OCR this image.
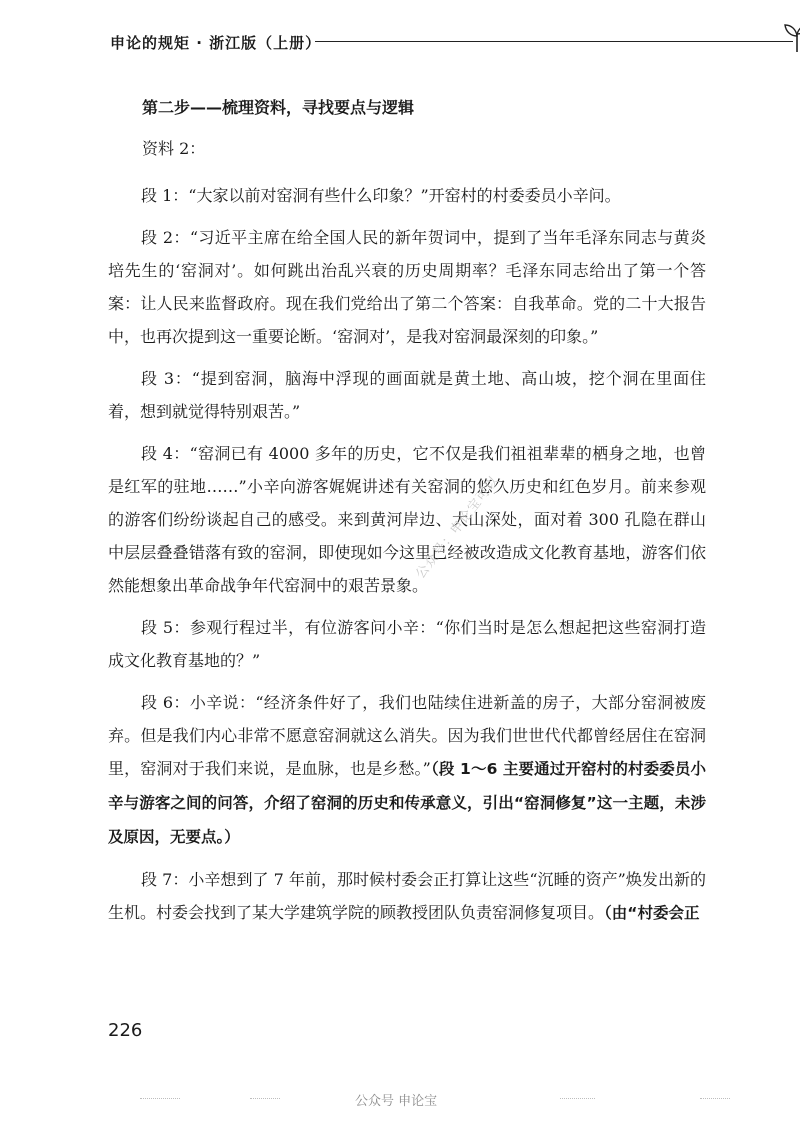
申论的规矩 · 浙江版（上册）
第二步——梳理资料，寻找要点与逻辑
资料 2：

段 1：“大家以前对窑洞有些什么印象？”开窑村的村委委员小辛问。

段 2：“习近平主席在给全国人民的新年贺词中，提到了当年毛泽东同志与黄炎培先生的‘窑洞对’。如何跳出治乱兴衰的历史周期率？毛泽东同志给出了第一个答案：让人民来监督政府。现在我们党给出了第二个答案：自我革命。党的二十大报告中，也再次提到这一重要论断。‘窑洞对’，是我对窑洞最深刻的印象。”

段 3：“提到窑洞，脑海中浮现的画面就是黄土地、高山坡，挖个洞在里面住着，想到就觉得特别艰苦。”

段 4：“窑洞已有 4000 多年的历史，它不仅是我们祖祖辈辈的栖身之地，也曾是红军的驻地……”小辛向游客娓娓讲述有关窑洞的悠久历史和红色岁月。前来参观的游客们纷纷谈起自己的感受。来到黄河岸边、大山深处，面对着 300 孔隐在群山中层层叠叠错落有致的窑洞，即使现如今这里已经被改造成文化教育基地，游客们依然能想象出革命战争年代窑洞中的艰苦景象。

段 5：参观行程过半，有位游客问小辛：“你们当时是怎么想起把这些窑洞打造成文化教育基地的？”

段 6：小辛说：“经济条件好了，我们也陆续住进新盖的房子，大部分窑洞被废弃。但是我们内心非常不愿意窑洞就这么消失。因为我们世世代代都曾经居住在窑洞里，窑洞对于我们来说，是血脉，也是乡愁。”（段 1～6 主要通过开窑村的村委委员小辛与游客之间的问答，介绍了窑洞的历史和传承意义，引出“窑洞修复”这一主题，未涉及原因，无要点。）

段 7：小辛想到了 7 年前，那时候村委会正打算让这些“沉睡的资产”焕发出新的生机。村委会找到了某大学建筑学院的顾教授团队负责窑洞修复项目。（由“村委会正

公众号：申论宝可以
226
公众号 申论宝
